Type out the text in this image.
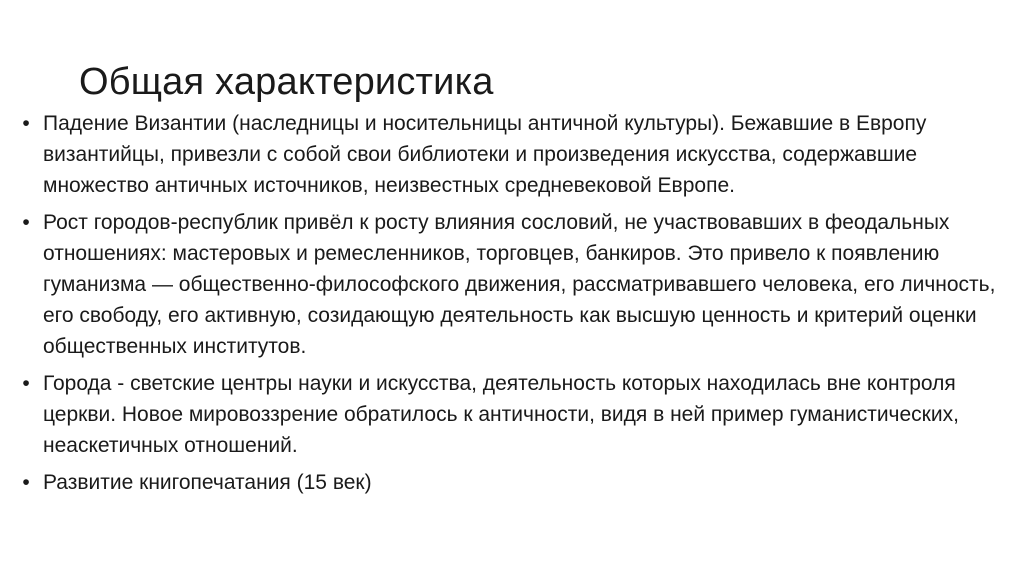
Общая характеристика
• Падение Византии (наследницы и носительницы античной культуры). Бежавшие в Европу византийцы, привезли с собой свои библиотеки и произведения искусства, содержавшие множество античных источников, неизвестных средневековой Европе.
• Рост городов-республик привёл к росту влияния сословий, не участвовавших в феодальных отношениях: мастеровых и ремесленников, торговцев, банкиров. Это привело к появлению гуманизма — общественно-философского движения, рассматривавшего человека, его личность, его свободу, его активную, созидающую деятельность как высшую ценность и критерий оценки общественных институтов.
• Города - светские центры науки и искусства, деятельность которых находилась вне контроля церкви. Новое мировоззрение обратилось к античности, видя в ней пример гуманистических, неаскетичных отношений.
• Развитие книгопечатания (15 век)
